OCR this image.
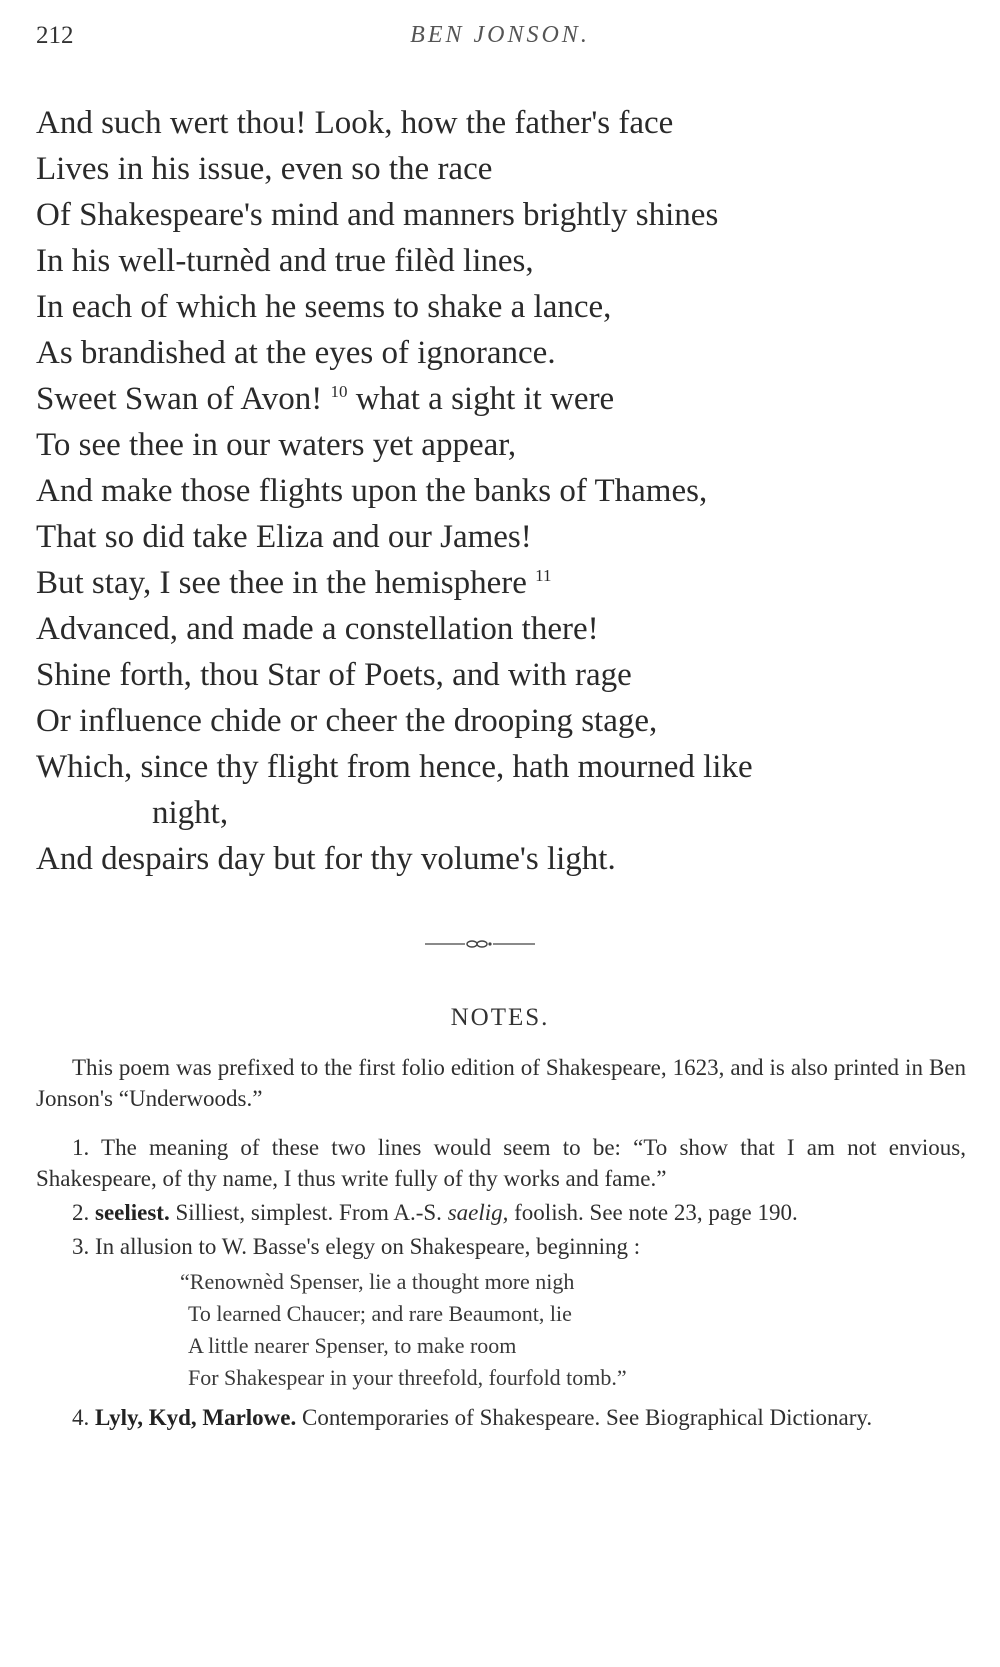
212	BEN JONSON.
And such wert thou! Look, how the father's face
Lives in his issue, even so the race
Of Shakespeare's mind and manners brightly shines
In his well-turnèd and true filèd lines,
In each of which he seems to shake a lance,
As brandished at the eyes of ignorance.
Sweet Swan of Avon! $^{10}$ what a sight it were
To see thee in our waters yet appear,
And make those flights upon the banks of Thames,
That so did take Eliza and our James!
But stay, I see thee in the hemisphere $^{11}$
Advanced, and made a constellation there!
Shine forth, thou Star of Poets, and with rage
Or influence chide or cheer the drooping stage,
Which, since thy flight from hence, hath mourned like
night,
And despairs day but for thy volume's light.
NOTES.

This poem was prefixed to the first folio edition of Shakespeare, 1623, and is also printed in Ben Jonson's “Underwoods.”

1. The meaning of these two lines would seem to be: “To show that I am not envious, Shakespeare, of thy name, I thus write fully of thy works and fame.”

2. seeliest. Silliest, simplest. From A.-S. saelig, foolish. See note 23, page 190.

3. In allusion to W. Basse's elegy on Shakespeare, beginning :

“Renownèd Spenser, lie a thought more nigh
To learned Chaucer; and rare Beaumont, lie
A little nearer Spenser, to make room
For Shakespear in your threefold, fourfold tomb.”

4. Lyly, Kyd, Marlowe. Contemporaries of Shakespeare. See Biographical Dictionary.
